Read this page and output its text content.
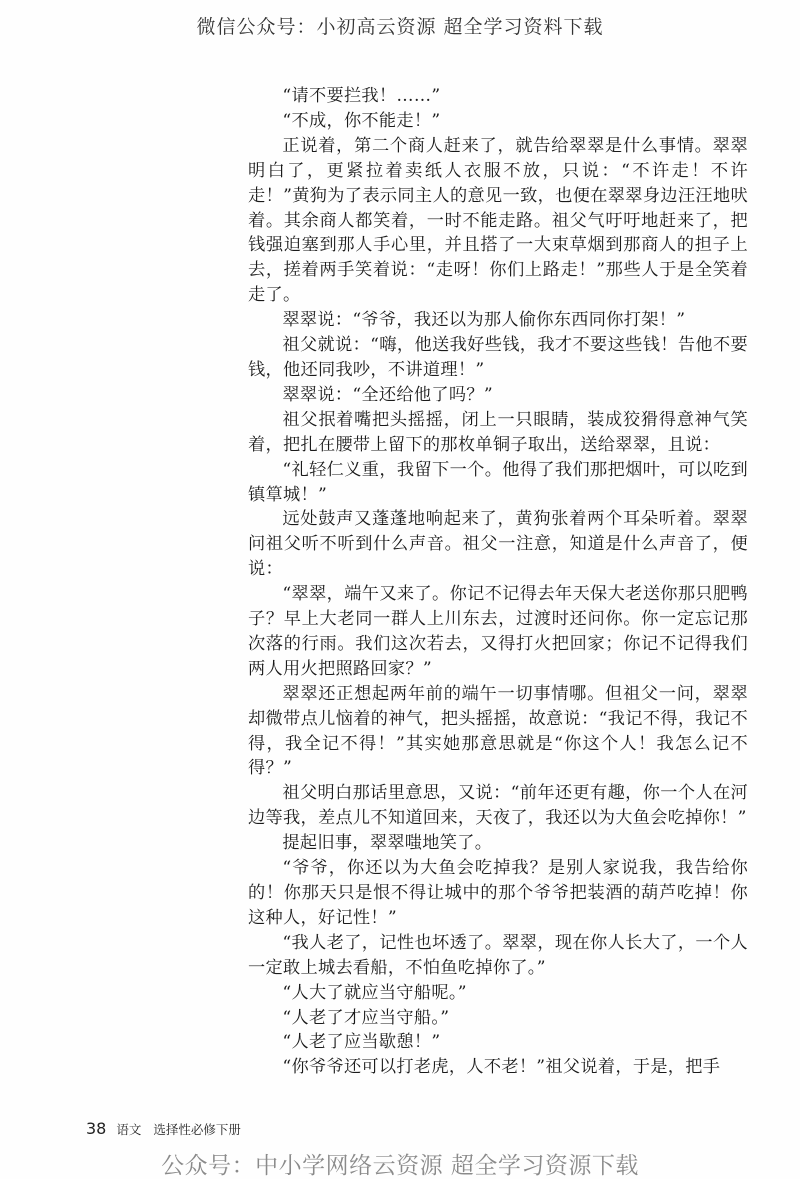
微信公众号：小初高云资源 超全学习资料下载

“请不要拦我！……”

“不成，你不能走！”

正说着，第二个商人赶来了，就告给翠翠是什么事情。翠翠明白了，更紧拉着卖纸人衣服不放，只说：“不许走！不许走！”黄狗为了表示同主人的意见一致，也便在翠翠身边汪汪地吠着。其余商人都笑着，一时不能走路。祖父气吁吁地赶来了，把钱强迫塞到那人手心里，并且搭了一大束草烟到那商人的担子上去，搓着两手笑着说：“走呀！你们上路走！”那些人于是全笑着走了。

翠翠说：“爷爷，我还以为那人偷你东西同你打架！”

祖父就说：“嗨，他送我好些钱，我才不要这些钱！告他不要钱，他还同我吵，不讲道理！”

翠翠说：“全还给他了吗？”

祖父抿着嘴把头摇摇，闭上一只眼睛，装成狡猾得意神气笑着，把扎在腰带上留下的那枚单铜子取出，送给翠翠，且说：

“礼轻仁义重，我留下一个。他得了我们那把烟叶，可以吃到镇筸城！”

远处鼓声又蓬蓬地响起来了，黄狗张着两个耳朵听着。翠翠问祖父听不听到什么声音。祖父一注意，知道是什么声音了，便说：

“翠翠，端午又来了。你记不记得去年天保大老送你那只肥鸭子？早上大老同一群人上川东去，过渡时还问你。你一定忘记那次落的行雨。我们这次若去，又得打火把回家；你记不记得我们两人用火把照路回家？”

翠翠还正想起两年前的端午一切事情哪。但祖父一问，翠翠却微带点儿恼着的神气，把头摇摇，故意说：“我记不得，我记不得，我全记不得！”其实她那意思就是“你这个人！我怎么记不得？”

祖父明白那话里意思，又说：“前年还更有趣，你一个人在河边等我，差点儿不知道回来，天夜了，我还以为大鱼会吃掉你！”

提起旧事，翠翠嗤地笑了。

“爷爷，你还以为大鱼会吃掉我？是别人家说我，我告给你的！你那天只是恨不得让城中的那个爷爷把装酒的葫芦吃掉！你这种人，好记性！”

“我人老了，记性也坏透了。翠翠，现在你人长大了，一个人一定敢上城去看船，不怕鱼吃掉你了。”

“人大了就应当守船呢。”

“人老了才应当守船。”

“人老了应当歇憩！”

“你爷爷还可以打老虎，人不老！”祖父说着，于是，把手

38 语文 选择性必修下册
公众号：中小学网络云资源 超全学习资源下载
